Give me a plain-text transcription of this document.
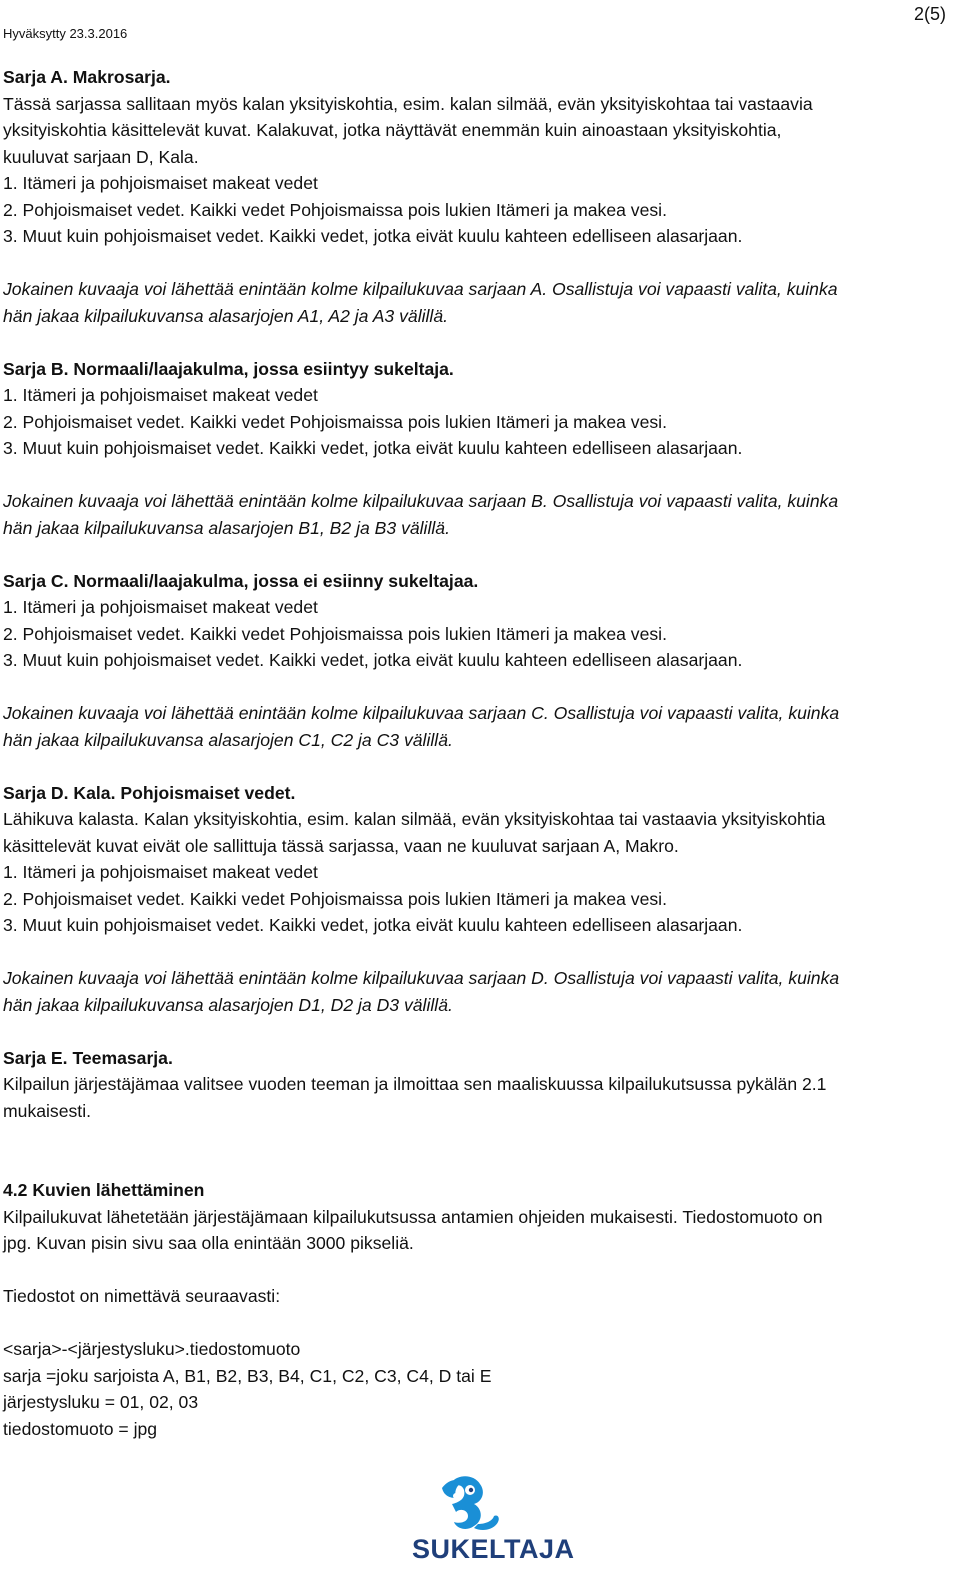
Hyväksytty 23.3.2016
2(5)

Sarja A. Makrosarja.

Tässä sarjassa sallitaan myös kalan yksityiskohtia, esim. kalan silmää, evän yksityiskohtaa tai vastaavia

yksityiskohtia käsittelevät kuvat. Kalakuvat, jotka näyttävät enemmän kuin ainoastaan yksityiskohtia,

kuuluvat sarjaan D, Kala.

1. Itämeri ja pohjoismaiset makeat vedet

2. Pohjoismaiset vedet. Kaikki vedet Pohjoismaissa pois lukien Itämeri ja makea vesi.

3. Muut kuin pohjoismaiset vedet. Kaikki vedet, jotka eivät kuulu kahteen edelliseen alasarjaan.

Jokainen kuvaaja voi lähettää enintään kolme kilpailukuvaa sarjaan A. Osallistuja voi vapaasti valita, kuinka

hän jakaa kilpailukuvansa alasarjojen A1, A2 ja A3 välillä.

Sarja B. Normaali/laajakulma, jossa esiintyy sukeltaja.

1. Itämeri ja pohjoismaiset makeat vedet

2. Pohjoismaiset vedet. Kaikki vedet Pohjoismaissa pois lukien Itämeri ja makea vesi.

3. Muut kuin pohjoismaiset vedet. Kaikki vedet, jotka eivät kuulu kahteen edelliseen alasarjaan.

Jokainen kuvaaja voi lähettää enintään kolme kilpailukuvaa sarjaan B. Osallistuja voi vapaasti valita, kuinka

hän jakaa kilpailukuvansa alasarjojen B1, B2 ja B3 välillä.

Sarja C. Normaali/laajakulma, jossa ei esiinny sukeltajaa.

1. Itämeri ja pohjoismaiset makeat vedet

2. Pohjoismaiset vedet. Kaikki vedet Pohjoismaissa pois lukien Itämeri ja makea vesi.

3. Muut kuin pohjoismaiset vedet. Kaikki vedet, jotka eivät kuulu kahteen edelliseen alasarjaan.

Jokainen kuvaaja voi lähettää enintään kolme kilpailukuvaa sarjaan C. Osallistuja voi vapaasti valita, kuinka

hän jakaa kilpailukuvansa alasarjojen C1, C2 ja C3 välillä.

Sarja D. Kala. Pohjoismaiset vedet.

Lähikuva kalasta. Kalan yksityiskohtia, esim. kalan silmää, evän yksityiskohtaa tai vastaavia yksityiskohtia

käsittelevät kuvat eivät ole sallittuja tässä sarjassa, vaan ne kuuluvat sarjaan A, Makro.

1. Itämeri ja pohjoismaiset makeat vedet

2. Pohjoismaiset vedet. Kaikki vedet Pohjoismaissa pois lukien Itämeri ja makea vesi.

3. Muut kuin pohjoismaiset vedet. Kaikki vedet, jotka eivät kuulu kahteen edelliseen alasarjaan.

Jokainen kuvaaja voi lähettää enintään kolme kilpailukuvaa sarjaan D. Osallistuja voi vapaasti valita, kuinka

hän jakaa kilpailukuvansa alasarjojen D1, D2 ja D3 välillä.

Sarja E. Teemasarja.

Kilpailun järjestäjämaa valitsee vuoden teeman ja ilmoittaa sen maaliskuussa kilpailukutsussa pykälän 2.1

mukaisesti.

4.2 Kuvien lähettäminen

Kilpailukuvat lähetetään järjestäjämaan kilpailukutsussa antamien ohjeiden mukaisesti. Tiedostomuoto on

jpg. Kuvan pisin sivu saa olla enintään 3000 pikseliä.

Tiedostot on nimettävä seuraavasti:

<sarja>-<järjestysluku>.tiedostomuoto

sarja =joku sarjoista A, B1, B2, B3, B4, C1, C2, C3, C4, D tai E

järjestysluku = 01, 02, 03

tiedostomuoto = jpg

SUKELTAJA
